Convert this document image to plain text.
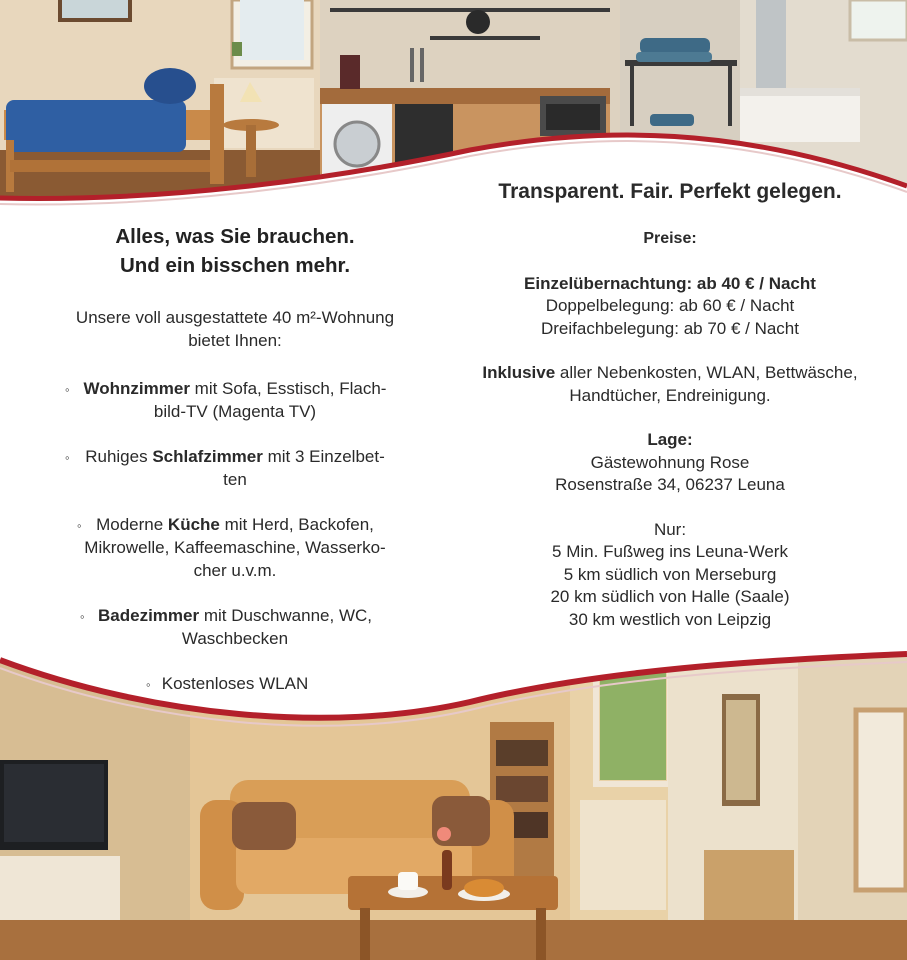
Alles, was Sie brauchen.
Und ein bisschen mehr.

Unsere voll ausgestattete 40 m²-Wohnung
bietet Ihnen:

◦ Wohnzimmer mit Sofa, Esstisch, Flach-
bild-TV (Magenta TV)
◦ Ruhiges Schlafzimmer mit 3 Einzelbet-
ten
◦ Moderne Küche mit Herd, Backofen,
Mikrowelle, Kaffeemaschine, Wasserko-
cher u.v.m.
◦ Badezimmer mit Duschwanne, WC,
Waschbecken
◦ Kostenloses WLAN

Transparent. Fair. Perfekt gelegen.

Preise:

Einzelübernachtung: ab 40 € / Nacht

Doppelbelegung: ab 60 € / Nacht

Dreifachbelegung: ab 70 € / Nacht

Inklusive aller Nebenkosten, WLAN, Bettwäsche,
Handtücher, Endreinigung.

Lage:

Gästewohnung Rose

Rosenstraße 34, 06237 Leuna

Nur:

5 Min. Fußweg ins Leuna-Werk

5 km südlich von Merseburg

20 km südlich von Halle (Saale)

30 km westlich von Leipzig
